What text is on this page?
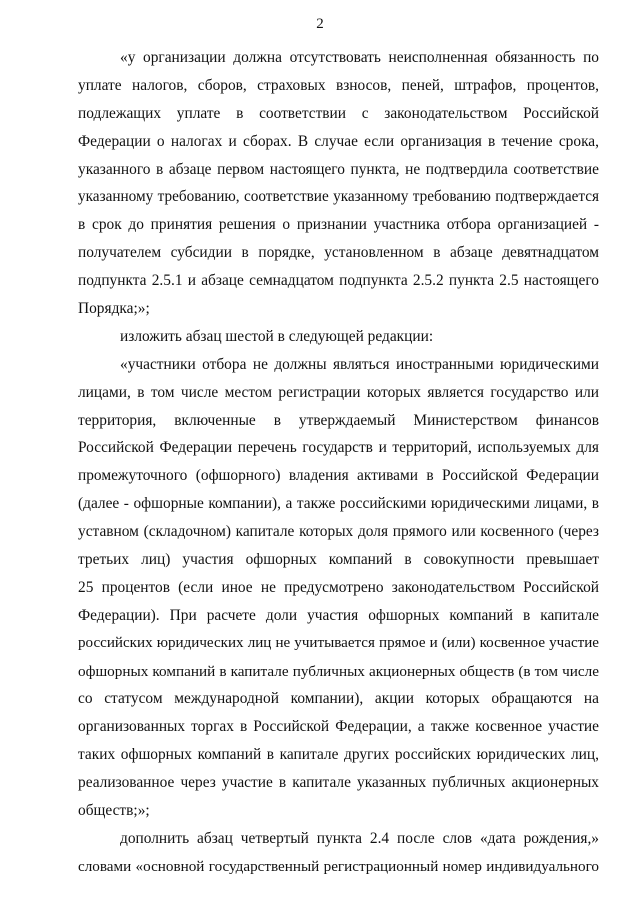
2
«у организации должна отсутствовать неисполненная обязанность по
уплате налогов, сборов, страховых взносов, пеней, штрафов, процентов,
подлежащих уплате в соответствии с законодательством Российской
Федерации о налогах и сборах. В случае если организация в течение срока,
указанного в абзаце первом настоящего пункта, не подтвердила соответствие
указанному требованию, соответствие указанному требованию подтверждается
в срок до принятия решения о признании участника отбора организацией -
получателем субсидии в порядке, установленном в абзаце девятнадцатом
подпункта 2.5.1 и абзаце семнадцатом подпункта 2.5.2 пункта 2.5 настоящего
Порядка;»;
изложить абзац шестой в следующей редакции:
«участники отбора не должны являться иностранными юридическими
лицами, в том числе местом регистрации которых является государство или
территория, включенные в утверждаемый Министерством финансов
Российской Федерации перечень государств и территорий, используемых для
промежуточного (офшорного) владения активами в Российской Федерации
(далее - офшорные компании), а также российскими юридическими лицами, в
уставном (складочном) капитале которых доля прямого или косвенного (через
третьих лиц) участия офшорных компаний в совокупности превышает
25 процентов (если иное не предусмотрено законодательством Российской
Федерации). При расчете доли участия офшорных компаний в капитале
российских юридических лиц не учитывается прямое и (или) косвенное участие
офшорных компаний в капитале публичных акционерных обществ (в том числе
со статусом международной компании), акции которых обращаются на
организованных торгах в Российской Федерации, а также косвенное участие
таких офшорных компаний в капитале других российских юридических лиц,
реализованное через участие в капитале указанных публичных акционерных
обществ;»;
дополнить абзац четвертый пункта 2.4 после слов «дата рождения,»
словами «основной государственный регистрационный номер индивидуального
